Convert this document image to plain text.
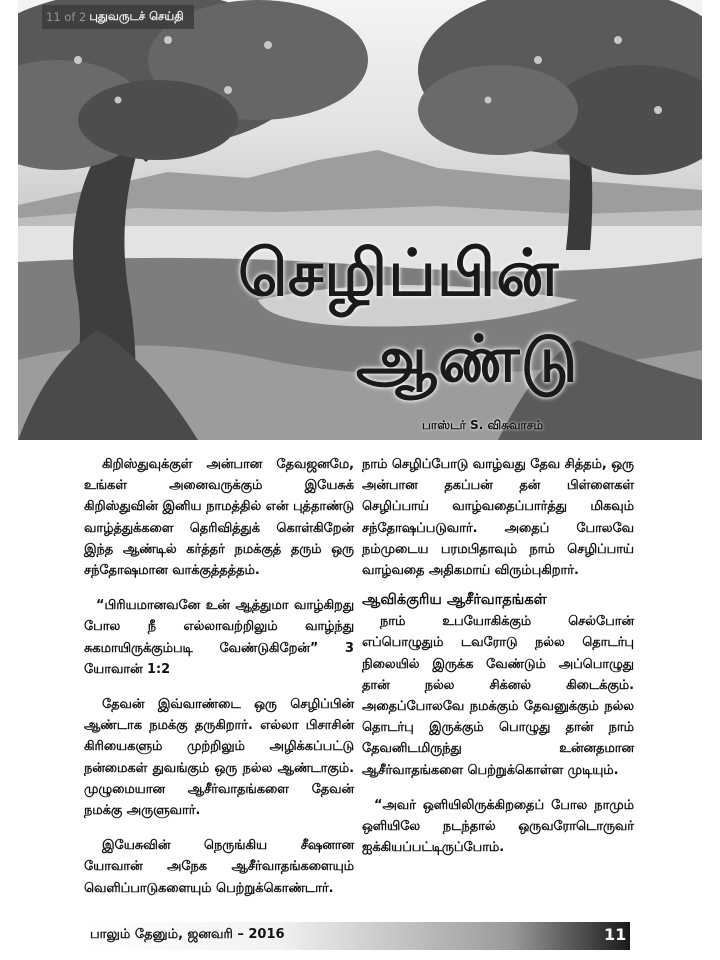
11 of 2 புதுவருடச் செய்தி
செழிப்பின்
ஆண்டு
பாஸ்டர் S. விசுவாசம்

கிறிஸ்துவுக்குள் அன்பான தேவஜனமே, உங்கள் அனைவருக்கும் இயேசுக் கிறிஸ்துவின் இனிய நாமத்தில் என் புத்தாண்டு வாழ்த்துக்களை தெரிவித்துக் கொள்கிறேன் இந்த ஆண்டில் கர்த்தர் நமக்குத் தரும் ஒரு சந்தோஷமான வாக்குத்தத்தம்.

“பிரியமானவனே உன் ஆத்துமா வாழ்கிறது போல நீ எல்லாவற்றிலும் வாழ்ந்து சுகமாயிருக்கும்படி வேண்டுகிறேன்” 3 யோவான் 1:2

தேவன் இவ்வாண்டை ஒரு செழிப்பின் ஆண்டாக நமக்கு தருகிறார். எல்லா பிசாசின் கிரியைகளும் முற்றிலும் அழிக்கப்பட்டு நன்மைகள் துவங்கும் ஒரு நல்ல ஆண்டாகும். முழுமையான ஆசீர்வாதங்களை தேவன் நமக்கு அருளுவார்.

இயேசுவின் நெருங்கிய சீஷனான யோவான் அநேக ஆசீர்வாதங்களையும் வெளிப்பாடுகளையும் பெற்றுக்கொண்டார்.

நாம் செழிப்போடு வாழ்வது தேவ சித்தம், ஒரு அன்பான தகப்பன் தன் பிள்ளைகள் செழிப்பாய் வாழ்வதைப்பார்த்து மிகவும் சந்தோஷப்படுவார். அதைப் போலவே நம்முடைய பரமபிதாவும் நாம் செழிப்பாய் வாழ்வதை அதிகமாய் விரும்புகிறார்.

ஆவிக்குரிய ஆசீர்வாதங்கள்

நாம் உபயோகிக்கும் செல்போன் எப்பொழுதும் டவரோடு நல்ல தொடர்பு நிலையில் இருக்க வேண்டும் அப்பொழுது தான் நல்ல சிக்னல் கிடைக்கும். அதைப்போலவே நமக்கும் தேவனுக்கும் நல்ல தொடர்பு இருக்கும் பொழுது தான் நாம் தேவனிடமிருந்து உன்னதமான ஆசீர்வாதங்களை பெற்றுக்கொள்ள முடியும்.

“அவர் ஒளியிலிருக்கிறதைப் போல நாமும் ஒளியிலே நடந்தால் ஒருவரோடொருவர் ஐக்கியப்பட்டிருப்போம்.

பாலும் தேனும், ஜனவரி – 2016	11
